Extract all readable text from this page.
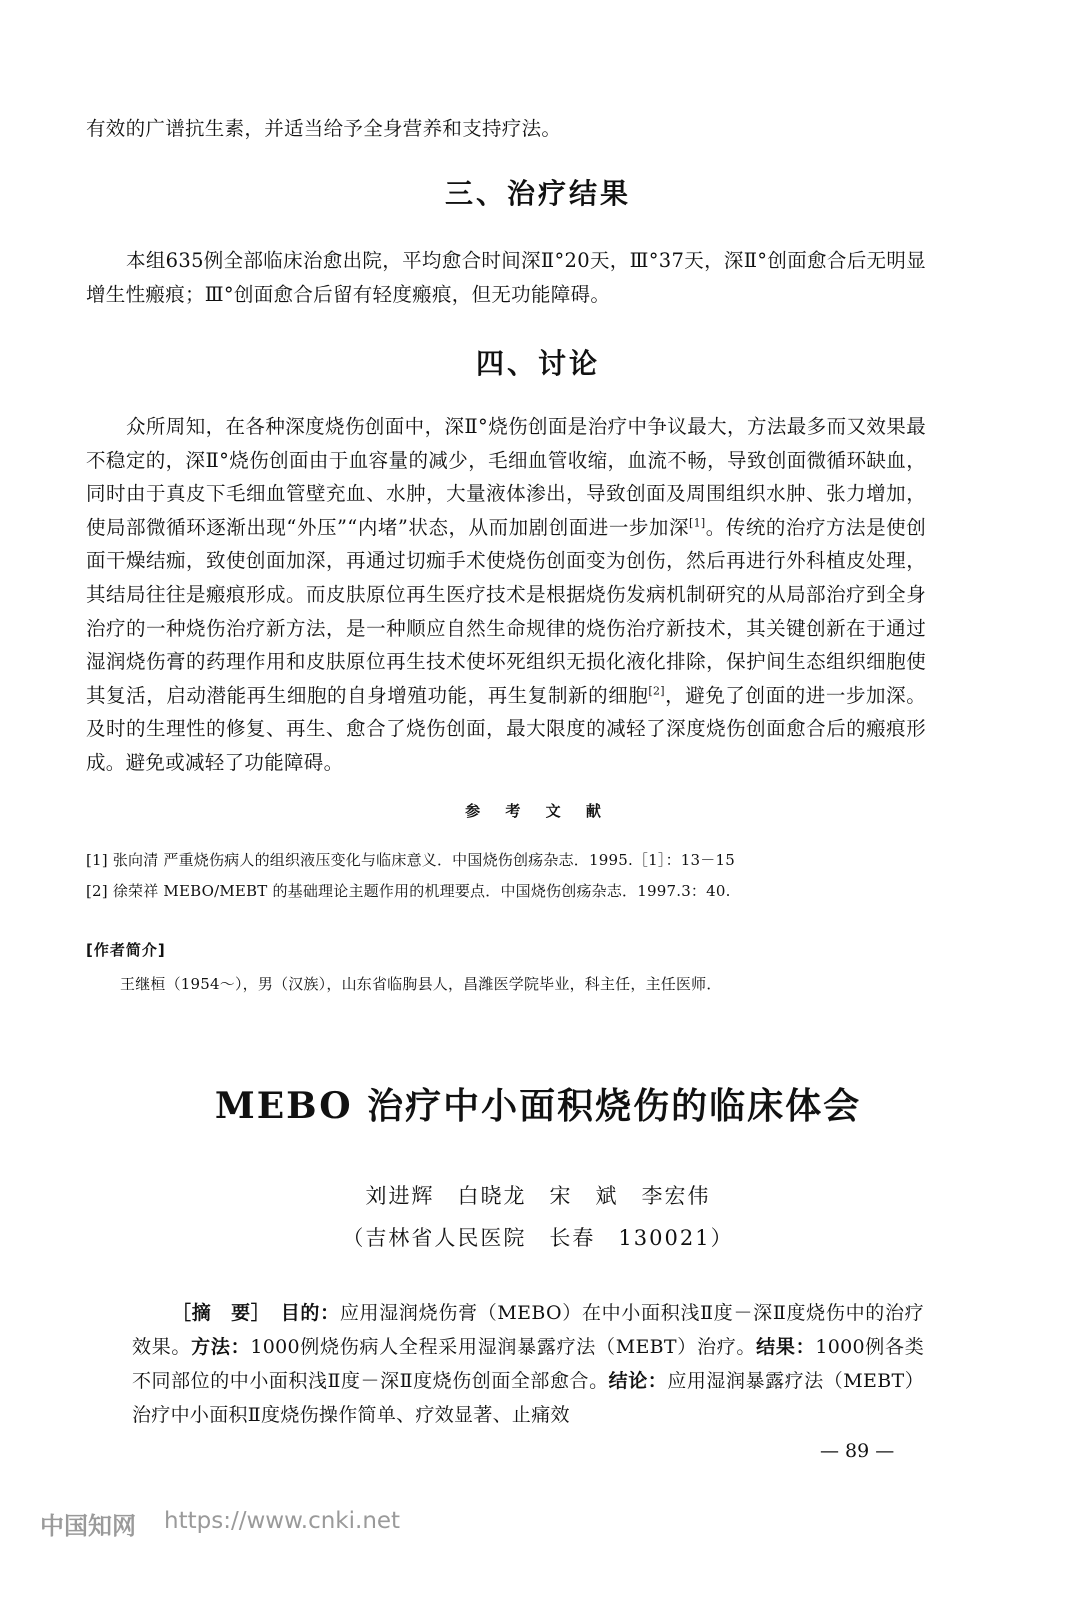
有效的广谱抗生素，并适当给予全身营养和支持疗法。
三、治疗结果
本组635例全部临床治愈出院，平均愈合时间深Ⅱ°20天，Ⅲ°37天，深Ⅱ°创面愈合后无明显增生性瘢痕；Ⅲ°创面愈合后留有轻度瘢痕，但无功能障碍。
四、讨论
众所周知，在各种深度烧伤创面中，深Ⅱ°烧伤创面是治疗中争议最大，方法最多而又效果最不稳定的，深Ⅱ°烧伤创面由于血容量的减少，毛细血管收缩，血流不畅，导致创面微循环缺血，同时由于真皮下毛细血管壁充血、水肿，大量液体渗出，导致创面及周围组织水肿、张力增加，使局部微循环逐渐出现“外压”“内堵”状态，从而加剧创面进一步加深[1]。传统的治疗方法是使创面干燥结痂，致使创面加深，再通过切痂手术使烧伤创面变为创伤，然后再进行外科植皮处理，其结局往往是瘢痕形成。而皮肤原位再生医疗技术是根据烧伤发病机制研究的从局部治疗到全身治疗的一种烧伤治疗新方法，是一种顺应自然生命规律的烧伤治疗新技术，其关键创新在于通过湿润烧伤膏的药理作用和皮肤原位再生技术使坏死组织无损化液化排除，保护间生态组织细胞使其复活，启动潜能再生细胞的自身增殖功能，再生复制新的细胞[2]，避免了创面的进一步加深。及时的生理性的修复、再生、愈合了烧伤创面，最大限度的减轻了深度烧伤创面愈合后的瘢痕形成。避免或减轻了功能障碍。
参 考 文 献
[1] 张向清 严重烧伤病人的组织液压变化与临床意义．中国烧伤创疡杂志．1995.［1］：13－15
[2] 徐荣祥 MEBO/MEBT 的基础理论主题作用的机理要点．中国烧伤创疡杂志．1997.3：40.
[作者简介]
王继桓（1954～），男（汉族），山东省临朐县人，昌潍医学院毕业，科主任，主任医师．
MEBO 治疗中小面积烧伤的临床体会
刘进辉　白晓龙　宋　斌　李宏伟
（吉林省人民医院　长春　130021）
［摘　要］　 目的：应用湿润烧伤膏（MEBO）在中小面积浅Ⅱ度－深Ⅱ度烧伤中的治疗效果。方法：1000例烧伤病人全程采用湿润暴露疗法（MEBT）治疗。结果：1000例各类不同部位的中小面积浅Ⅱ度－深Ⅱ度烧伤创面全部愈合。结论：应用湿润暴露疗法（MEBT）治疗中小面积Ⅱ度烧伤操作简单、疗效显著、止痛效
— 89 —
中国知网 https://www.cnki.net
